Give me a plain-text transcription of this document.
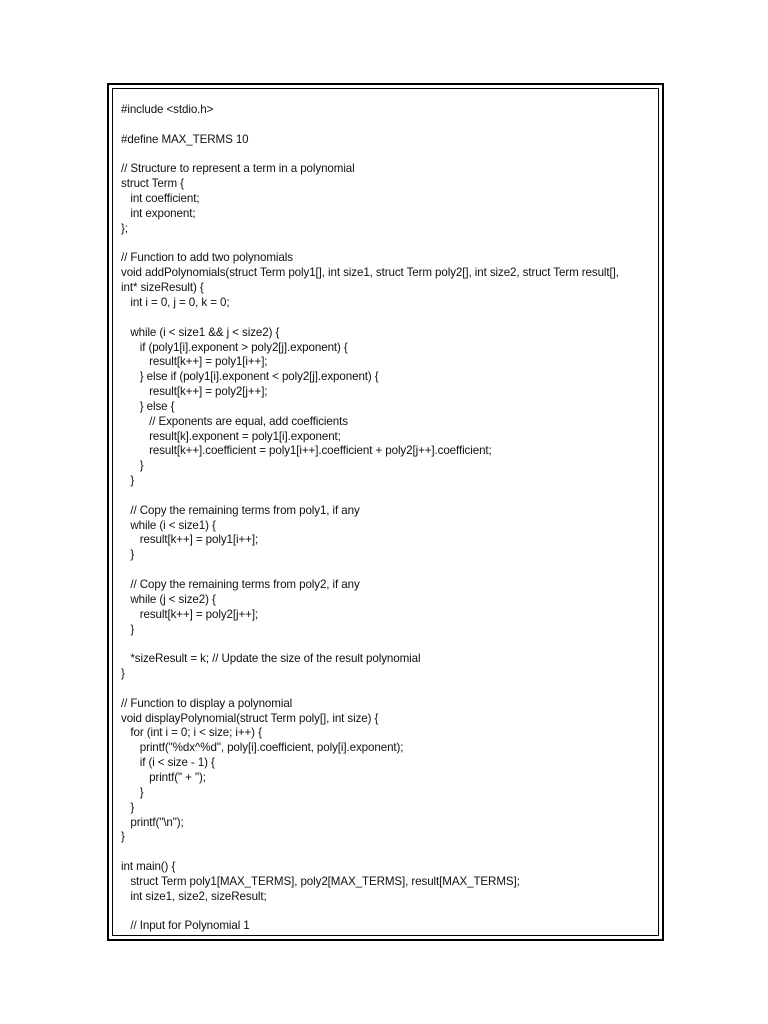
#include <stdio.h>
#define MAX_TERMS 10
// Structure to represent a term in a polynomial
struct Term {
int coefficient;
int exponent;
};
// Function to add two polynomials
void addPolynomials(struct Term poly1[], int size1, struct Term poly2[], int size2, struct Term result[],
int* sizeResult) {
int i = 0, j = 0, k = 0;
while (i < size1 && j < size2) {
if (poly1[i].exponent > poly2[j].exponent) {
result[k++] = poly1[i++];
} else if (poly1[i].exponent < poly2[j].exponent) {
result[k++] = poly2[j++];
} else {
// Exponents are equal, add coefficients
result[k].exponent = poly1[i].exponent;
result[k++].coefficient = poly1[i++].coefficient + poly2[j++].coefficient;
}
}
// Copy the remaining terms from poly1, if any
while (i < size1) {
result[k++] = poly1[i++];
}
// Copy the remaining terms from poly2, if any
while (j < size2) {
result[k++] = poly2[j++];
}
*sizeResult = k; // Update the size of the result polynomial
}
// Function to display a polynomial
void displayPolynomial(struct Term poly[], int size) {
for (int i = 0; i < size; i++) {
printf("%dx^%d", poly[i].coefficient, poly[i].exponent);
if (i < size - 1) {
printf(" + ");
}
}
printf("\n");
}
int main() {
struct Term poly1[MAX_TERMS], poly2[MAX_TERMS], result[MAX_TERMS];
int size1, size2, sizeResult;
// Input for Polynomial 1
